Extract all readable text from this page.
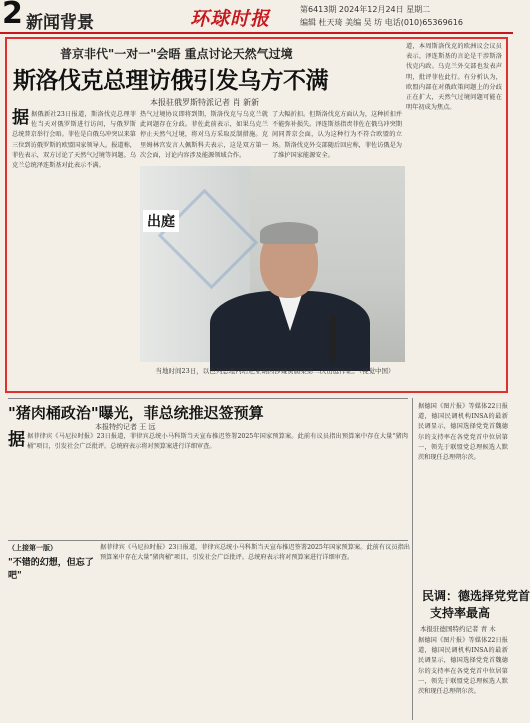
2 新闻背景	环球时报	第6413期 2024年12月24日 星期二
编辑 杜天琦 美编 吴 坊 电话(010)65369616
普京非代"一对一"会晤 重点讨论天然气过境
斯洛伐克总理访俄引发乌方不满
本报驻俄罗斯特派记者 肖 新新
据据俄新社23日报道，斯洛伐克总理菲佐当天对俄罗斯进行访问，与俄罗斯总统普京举行会晤。菲佐是自俄乌冲突以来第三位到访俄罗斯的欧盟国家领导人。报道称，菲佐表示，双方讨论了天然气过境等问题。乌克兰总统泽连斯基对此表示不满。
热气过境协议即将到期，斯洛伐克与乌克兰就此问题存在分歧。菲佐此前表示，如果乌克兰停止天然气过境，将对乌方采取反制措施。克里姆林宫发言人佩斯科夫表示，这是双方第一次会面，讨论内容涉及能源领域合作。
了大幅折扣。但斯洛伐克方面认为，这种折扣并不能弥补损失。泽连斯基指责菲佐在俄乌冲突期间同普京会面，认为这种行为不符合欧盟的立场。斯洛伐克外交部随后回应称，菲佐访俄是为了维护国家能源安全。
道，本周斯洛伐克的欧洲议会议员表示，泽连斯基的言论是干涉斯洛伐克内政。乌克兰外交部也发表声明，批评菲佐此行。有分析认为，欧盟内部在对俄政策问题上的分歧正在扩大，天然气过境问题可能在明年初成为焦点。
出庭
当地时间23日，以色列总理内塔尼亚胡因涉嫌贪腐案第二次出庭作证。（视觉中国）
"猪肉桶政治"曝光，菲总统推迟签预算
本报特约记者 王 远
据据菲律宾《马尼拉时报》23日报道，菲律宾总统小马科斯当天宣布推迟签署2025年国家预算案。此前有议员指出预算案中存在大量"猪肉桶"项目，引发社会广泛批评。总统府表示将对预算案进行详细审查。
（上接第一版）
"不错的幻想，但忘了吧"
据菲律宾《马尼拉时报》23日报道，菲律宾总统小马科斯当天宣布推迟签署2025年国家预算案。此前有议员指出预算案中存在大量"猪肉桶"项目，引发社会广泛批评。总统府表示将对预算案进行详细审查。
据德国《图片报》等媒体22日报道，德国民调机构INSA的最新民调显示，德国选择党党首魏德尔的支持率在各党党首中位居第一，领先于联盟党总理候选人默茨和现任总理朔尔茨。
民调：德选择党党首
支持率最高
本报驻德国特约记者 青 木
据德国《图片报》等媒体22日报道，德国民调机构INSA的最新民调显示，德国选择党党首魏德尔的支持率在各党党首中位居第一，领先于联盟党总理候选人默茨和现任总理朔尔茨。
